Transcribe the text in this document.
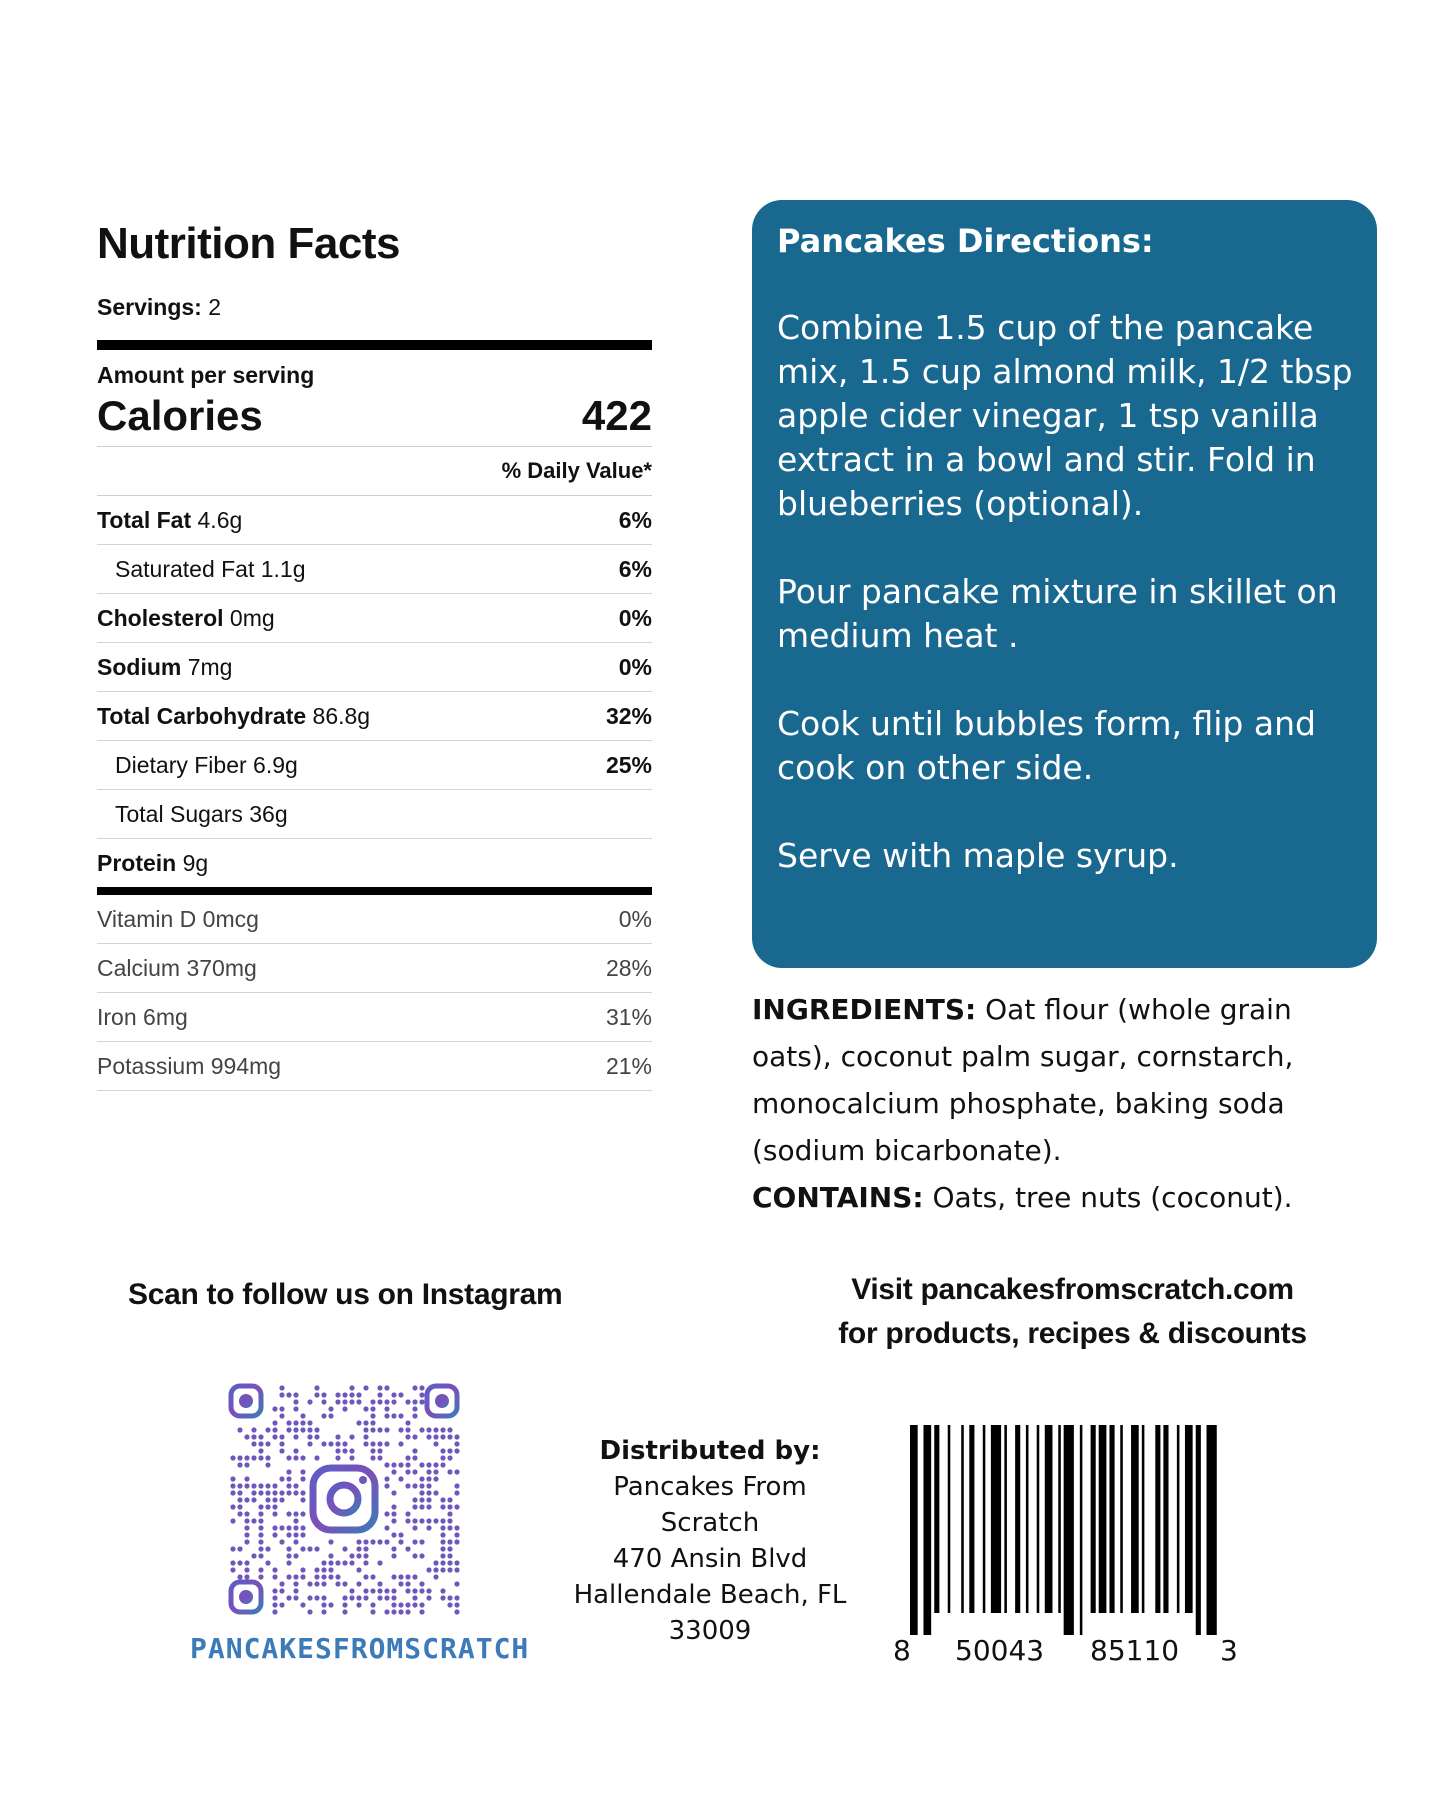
Nutrition Facts
Servings: 2
Amount per serving
Calories	422
% Daily Value*
Total Fat 4.6g	6%
Saturated Fat 1.1g	6%
Cholesterol 0mg	0%
Sodium 7mg	0%
Total Carbohydrate 86.8g	32%
Dietary Fiber 6.9g	25%
Total Sugars 36g
Protein 9g
Vitamin D 0mcg	0%
Calcium 370mg	28%
Iron 6mg	31%
Potassium 994mg	21%
Pancakes Directions:

Combine 1.5 cup of the pancake mix, 1.5 cup almond milk, 1/2 tbsp apple cider vinegar, 1 tsp vanilla extract in a bowl and stir. Fold in blueberries (optional).

Pour pancake mixture in skillet on medium heat .

Cook until bubbles form, flip and cook on other side.

Serve with maple syrup.

INGREDIENTS: Oat flour (whole grain oats), coconut palm sugar, cornstarch, monocalcium phosphate, baking soda (sodium bicarbonate).
CONTAINS: Oats, tree nuts (coconut).
Scan to follow us on Instagram	Visit pancakesfromscratch.com
for products, recipes & discounts
PANCAKESFROMSCRATCH
Distributed by:
Pancakes From
Scratch
470 Ansin Blvd
Hallendale Beach, FL
33009
8 50043 85110 3
